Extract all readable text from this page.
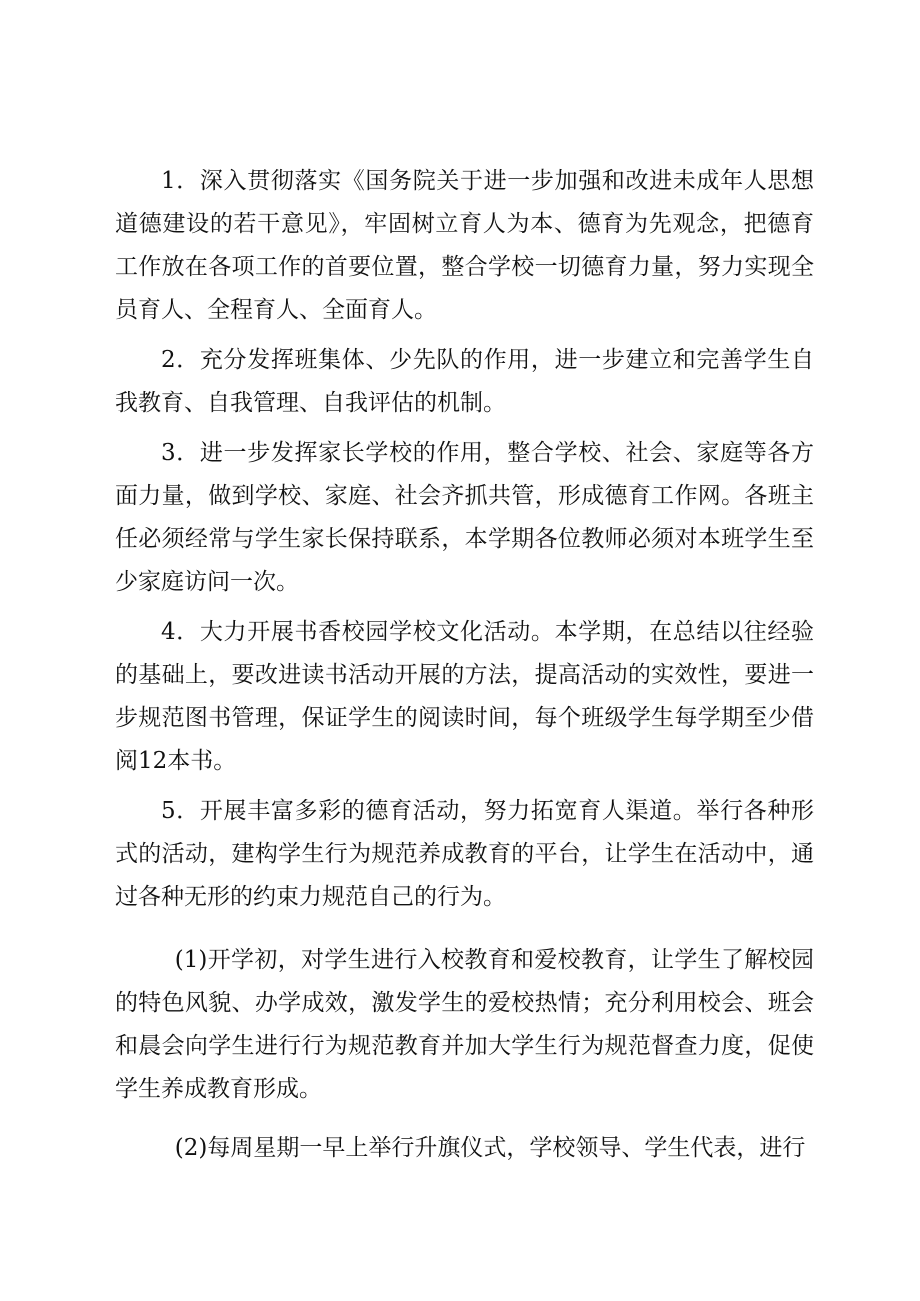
1．深入贯彻落实《国务院关于进一步加强和改进未成年人思想道德建设的若干意见》，牢固树立育人为本、德育为先观念，把德育工作放在各项工作的首要位置，整合学校一切德育力量，努力实现全员育人、全程育人、全面育人。

2．充分发挥班集体、少先队的作用，进一步建立和完善学生自我教育、自我管理、自我评估的机制。

3．进一步发挥家长学校的作用，整合学校、社会、家庭等各方面力量，做到学校、家庭、社会齐抓共管，形成德育工作网。各班主任必须经常与学生家长保持联系，本学期各位教师必须对本班学生至少家庭访问一次。

4．大力开展书香校园学校文化活动。本学期，在总结以往经验的基础上，要改进读书活动开展的方法，提高活动的实效性，要进一步规范图书管理，保证学生的阅读时间，每个班级学生每学期至少借阅12本书。

5．开展丰富多彩的德育活动，努力拓宽育人渠道。举行各种形式的活动，建构学生行为规范养成教育的平台，让学生在活动中，通过各种无形的约束力规范自己的行为。

(1)开学初，对学生进行入校教育和爱校教育，让学生了解校园的特色风貌、办学成效，激发学生的爱校热情；充分利用校会、班会和晨会向学生进行行为规范教育并加大学生行为规范督查力度，促使学生养成教育形成。

(2)每周星期一早上举行升旗仪式，学校领导、学生代表，进行
